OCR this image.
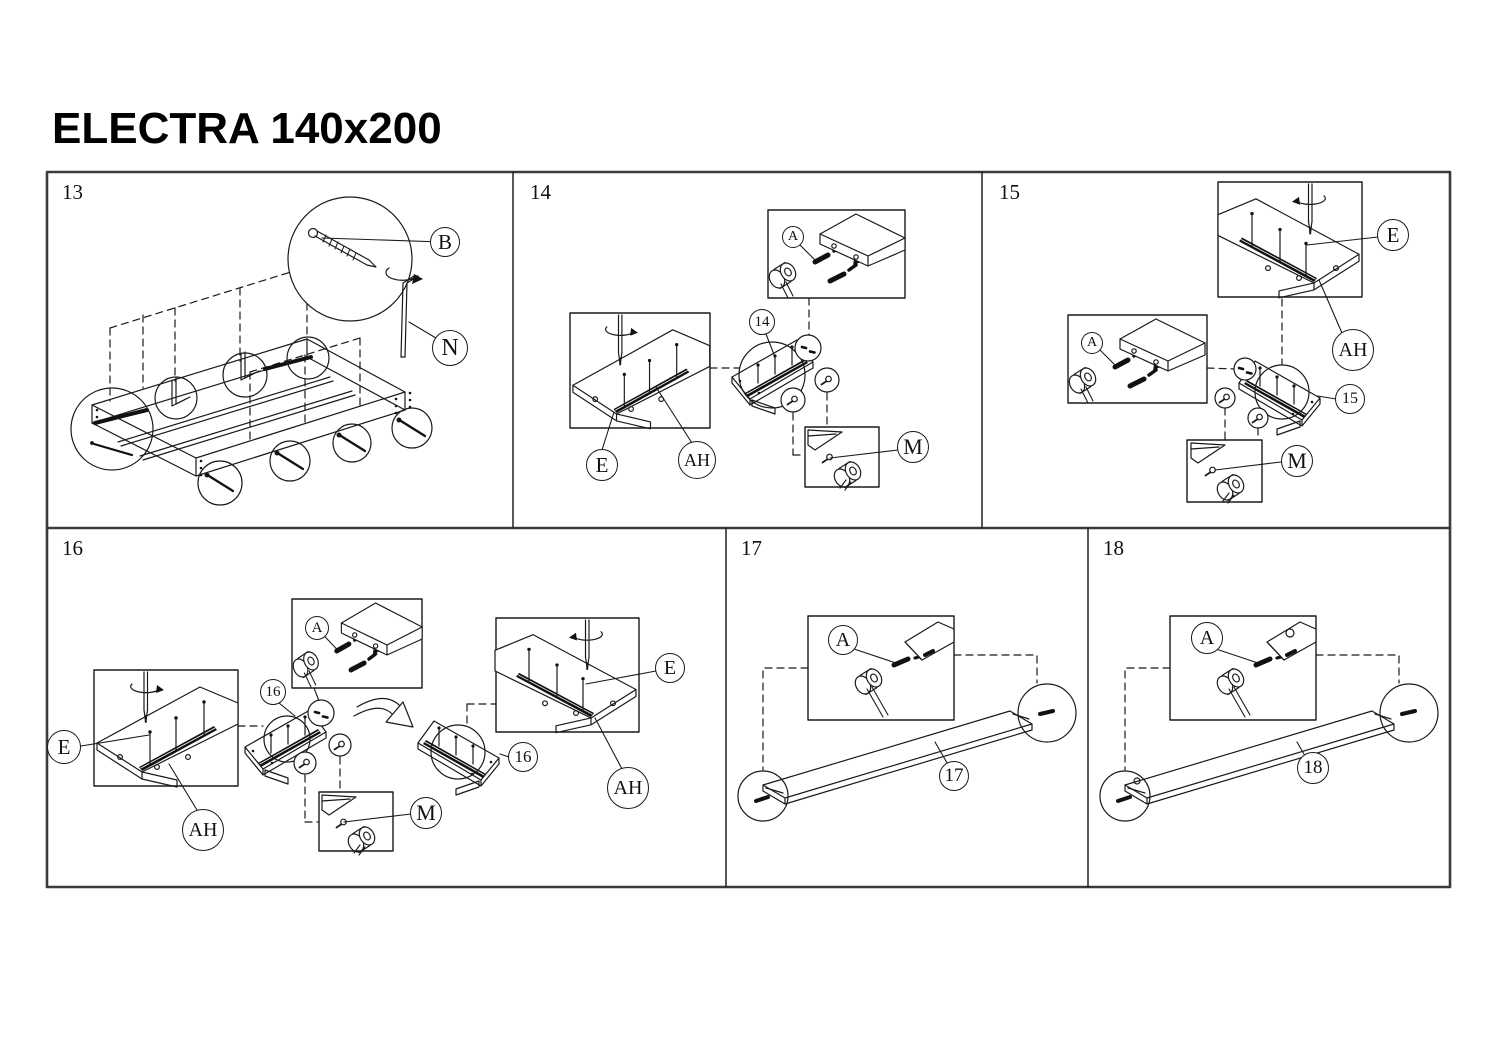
ELECTRA 140x200
13	14	15
16	17	18
B
N
A
E	AH
M
14
A
E
AH
M
15
A
E
AH
M
16
16
E
AH
A
17
A
18
